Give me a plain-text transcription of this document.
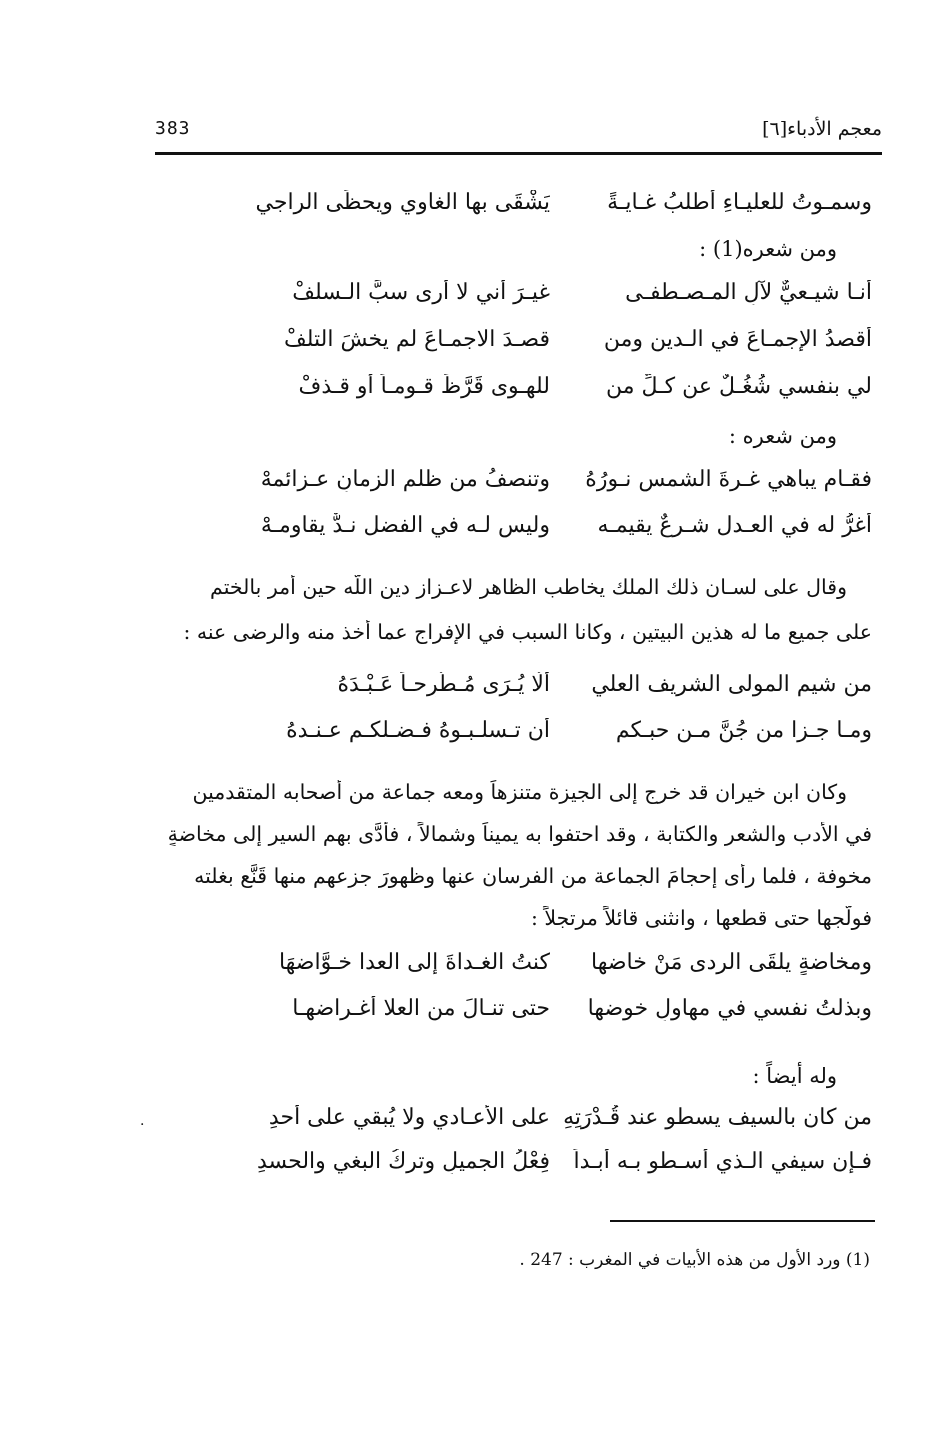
معجم الأدباء[٦]
383
وسمـوتُ للعليـاءِ أطلبُ غـايـةً
يَشْقَى بها الغاوي ويحظَى الراجي
ومن شعره(1) :
أنـا شيـعيٌّ لآلِ المـصـطفـى
غيـرَ أني لا أرى سبَّ الـسلفْ
أقصدُ الإجمـاعَ في الـدين ومن
قصـدَ الاجمـاعَ لم يخشَ التلفْ
لي بنفسي شُغُـلٌ عن كـلِّ من
للهـوى قَرَّظَ قـومـاً أو قـذفْ
ومن شعره :
فقـام يباهي غـرةَ الشمسِ نـورُهُ
وتنصفُ من ظلم الزمانِ عـزائمهْ
أغرُّ له في العـدل شـرعٌ يقيمـه
وليس لـه في الفضل نـدٌّ يقاومـهْ
وقال على لسـان ذلك الملك يخاطب الظاهر لاعـزاز دين اللّه حين أمر بالختم
على جميع ما له هذين البيتين ، وكانا السبب في الإفراج عما أخذ منه والرضى عنه :
من شيم المولى الشريف العلي
ألّا يُـرَى مُـطَّرِحـاً عَـبْـدَهُ
ومـا جـزا من جُنَّ مـن حبـكم
أن تـسلـبـوهُ فـضـلكـم عـنـدهُ
وكان ابن خيران قد خرج إلى الجيزة متنزهاً ومعه جماعة من أصحابه المتقدمين
في الأدب والشعر والكتابة ، وقد احتفوا به يميناً وشمالاً ، فأدَّى بهم السير إلى مخاضةٍ
مخوفة ، فلما رأى إحجامَ الجماعة من الفرسان عنها وظهورَ جزعهم منها قَنَّع بغلته
فولَّجها حتى قطعها ، وانثنى قائلاً مرتجلاً :
ومخاضةٍ يلقَى الردى مَنْ خاضها
كنتُ الغـداةَ إلى العدا خـوَّاضهَا
وبذلتُ نفسي في مهاولِ خوضها
حتى تنـالَ من العلا أغـراضهـا
وله أيضاً :
من كان بالسيف يسطو عند قُـدْرَتِهِ
على الأعـادي ولا يُبقي على أحدِ
·
فـإن سيفي الـذي أسـطو بـه أبـداً
فِعْلُ الجميلِ وتركُ البغي والحسدِ
(1) ورد الأول من هذه الأبيات في المغرب : 247 .
